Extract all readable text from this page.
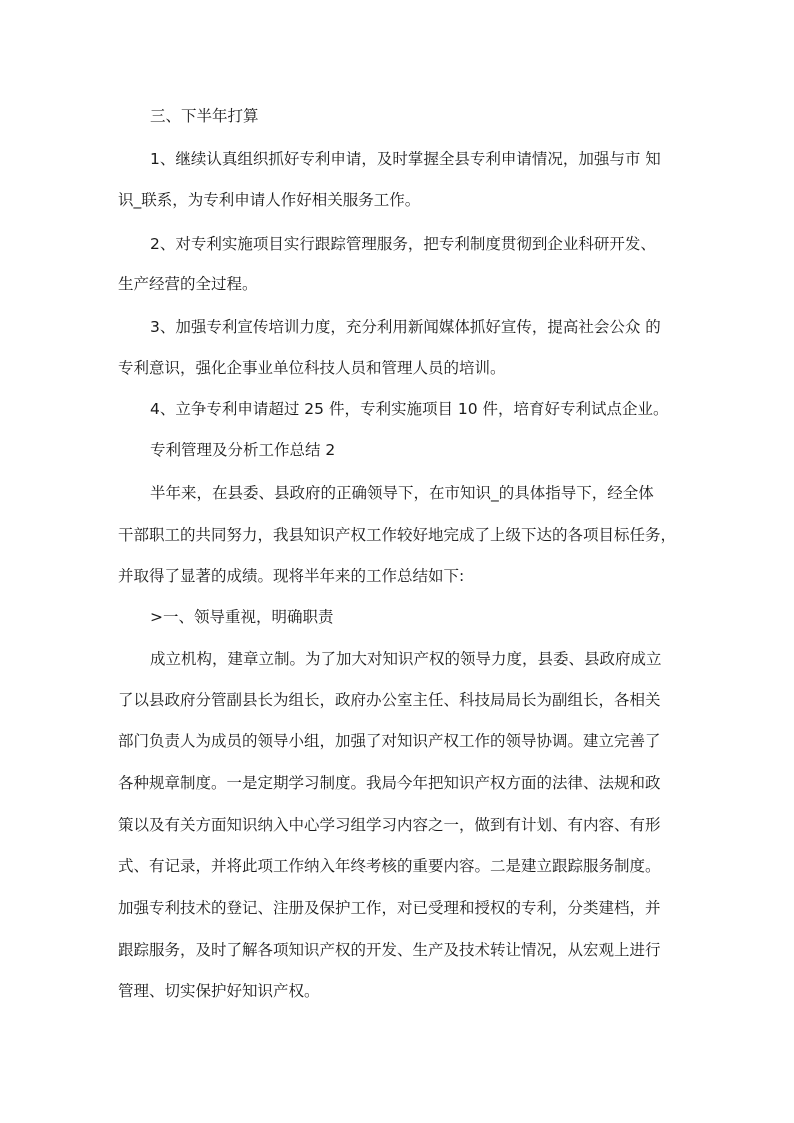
三、下半年打算
1、继续认真组织抓好专利申请，及时掌握全县专利申请情况，加强与市 知
识_联系，为专利申请人作好相关服务工作。
2、对专利实施项目实行跟踪管理服务，把专利制度贯彻到企业科研开发、
生产经营的全过程。
3、加强专利宣传培训力度，充分利用新闻媒体抓好宣传，提高社会公众 的
专利意识，强化企事业单位科技人员和管理人员的培训。
4、立争专利申请超过 25 件，专利实施项目 10 件，培育好专利试点企业。
专利管理及分析工作总结 2
半年来，在县委、县政府的正确领导下，在市知识_的具体指导下，经全体
干部职工的共同努力，我县知识产权工作较好地完成了上级下达的各项目标任务，
并取得了显著的成绩。现将半年来的工作总结如下:
>一、领导重视，明确职责
成立机构，建章立制。为了加大对知识产权的领导力度，县委、县政府成立
了以县政府分管副县长为组长，政府办公室主任、科技局局长为副组长，各相关
部门负责人为成员的领导小组，加强了对知识产权工作的领导协调。建立完善了
各种规章制度。一是定期学习制度。我局今年把知识产权方面的法律、法规和政
策以及有关方面知识纳入中心学习组学习内容之一，做到有计划、有内容、有形
式、有记录，并将此项工作纳入年终考核的重要内容。二是建立跟踪服务制度。
加强专利技术的登记、注册及保护工作，对已受理和授权的专利，分类建档，并
跟踪服务，及时了解各项知识产权的开发、生产及技术转让情况，从宏观上进行
管理、切实保护好知识产权。
